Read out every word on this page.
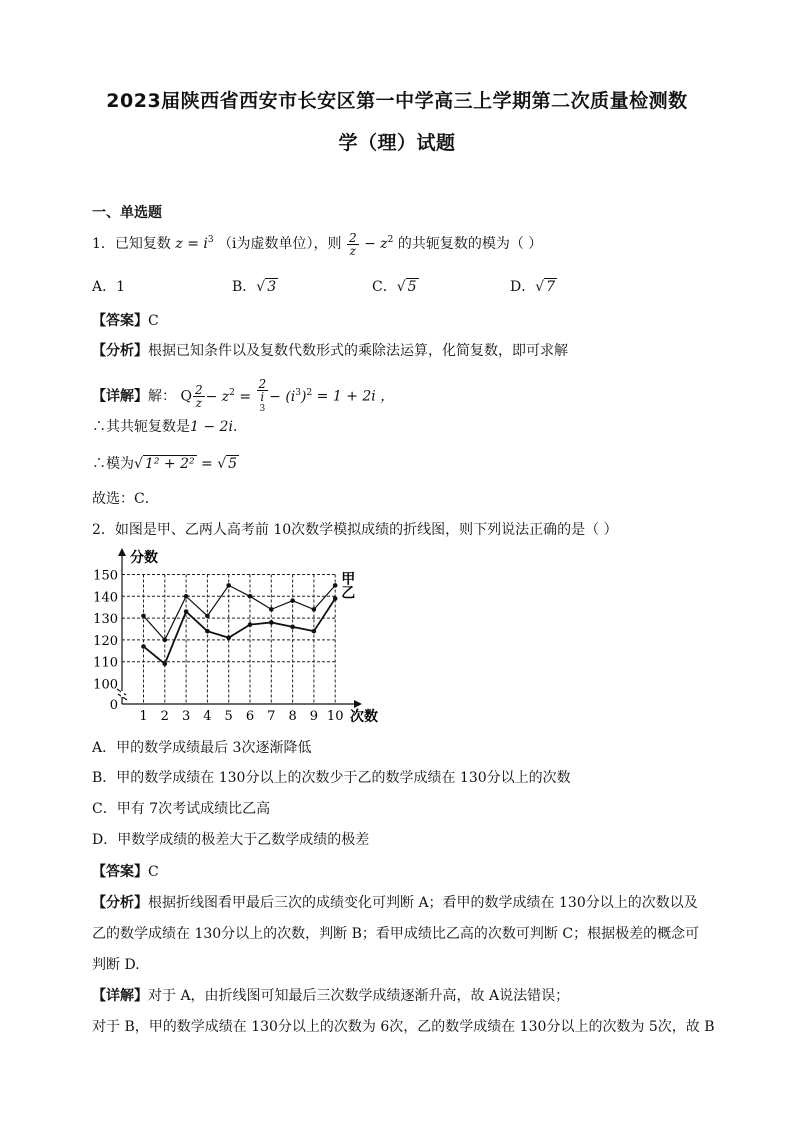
2023届陕西省西安市长安区第一中学高三上学期第二次质量检测数
学（理）试题
一、单选题
1．已知复数 $z = i^3$ （i为虚数单位），则 $\frac{2}{z} - z^2$ 的共轭复数的模为（ ）
A．1	B．√ 3	C．√ 5	D．√ 7
【答案】C
【分析】根据已知条件以及复数代数形式的乘除法运算，化简复数，即可求解
【详解】解： Q $\frac{2}{z} - z^2 = 2$
i
$3 - (i^3)^2 = 1 + 2i$ ，
∴其共轭复数是1 − 2i．
∴模为√ 1² + 2² = √ 5
故选：C．
2．如图是甲、乙两人高考前 10次数学模拟成绩的折线图，则下列说法正确的是（ ）
0
100
110
120
130
140
150
1 2 3 4 5 6 7 8 9 10
甲
乙
分数
次数
A．甲的数学成绩最后 3次逐渐降低
B．甲的数学成绩在 130分以上的次数少于乙的数学成绩在 130分以上的次数
C．甲有 7次考试成绩比乙高
D．甲数学成绩的极差大于乙数学成绩的极差
【答案】C
【分析】根据折线图看甲最后三次的成绩变化可判断 A；看甲的数学成绩在 130分以上的次数以及
乙的数学成绩在 130分以上的次数，判断 B；看甲成绩比乙高的次数可判断 C；根据极差的概念可
判断 D.
【详解】对于 A，由折线图可知最后三次数学成绩逐渐升高，故 A说法错误；
对于 B，甲的数学成绩在 130分以上的次数为 6次，乙的数学成绩在 130分以上的次数为 5次，故 B
